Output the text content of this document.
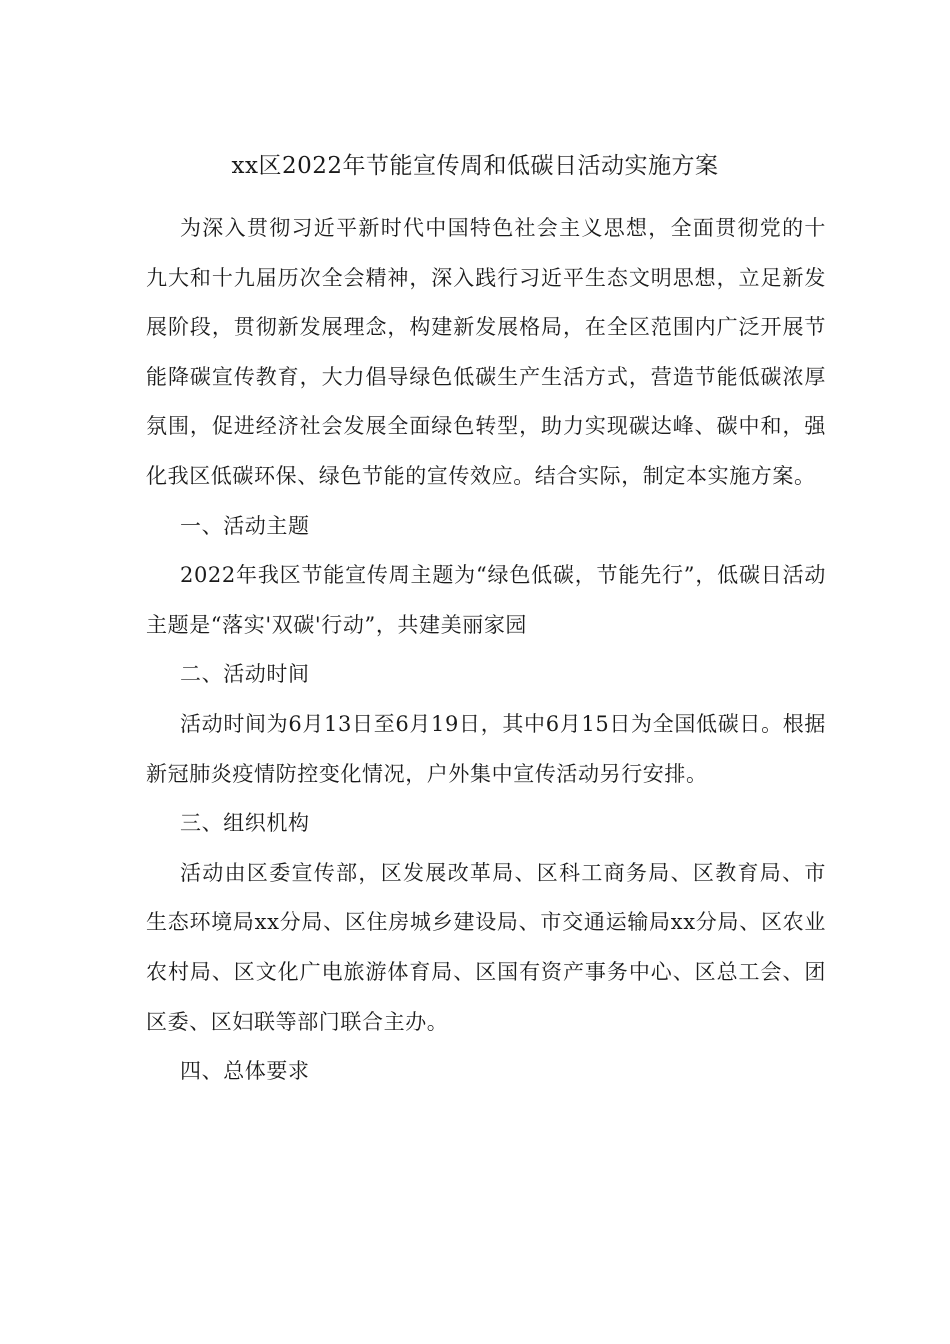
xx区2022年节能宣传周和低碳日活动实施方案

为深入贯彻习近平新时代中国特色社会主义思想，全面贯彻党的十九大和十九届历次全会精神，深入践行习近平生态文明思想，立足新发展阶段，贯彻新发展理念，构建新发展格局，在全区范围内广泛开展节能降碳宣传教育，大力倡导绿色低碳生产生活方式，营造节能低碳浓厚氛围，促进经济社会发展全面绿色转型，助力实现碳达峰、碳中和，强化我区低碳环保、绿色节能的宣传效应。结合实际，制定本实施方案。

一、活动主题

2022年我区节能宣传周主题为“绿色低碳，节能先行”，低碳日活动主题是“落实'双碳'行动”，共建美丽家园

二、活动时间

活动时间为6月13日至6月19日，其中6月15日为全国低碳日。根据新冠肺炎疫情防控变化情况，户外集中宣传活动另行安排。

三、组织机构

活动由区委宣传部，区发展改革局、区科工商务局、区教育局、市生态环境局xx分局、区住房城乡建设局、市交通运输局xx分局、区农业农村局、区文化广电旅游体育局、区国有资产事务中心、区总工会、团区委、区妇联等部门联合主办。

四、总体要求
